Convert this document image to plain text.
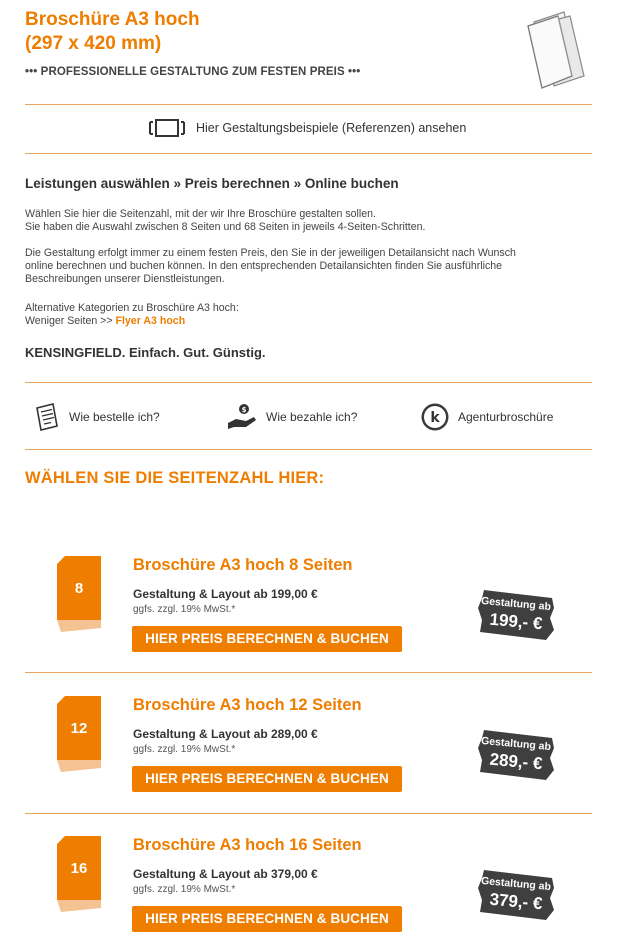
Broschüre A3 hoch
(297 x 420 mm)
••• PROFESSIONELLE GESTALTUNG ZUM FESTEN PREIS •••
Hier Gestaltungsbeispiele (Referenzen) ansehen
Leistungen auswählen » Preis berechnen » Online buchen
Wählen Sie hier die Seitenzahl, mit der wir Ihre Broschüre gestalten sollen.
Sie haben die Auswahl zwischen 8 Seiten und 68 Seiten in jeweils 4-Seiten-Schritten.
Die Gestaltung erfolgt immer zu einem festen Preis, den Sie in der jeweiligen Detailansicht nach Wunsch
online berechnen und buchen können. In den entsprechenden Detailansichten finden Sie ausführliche
Beschreibungen unserer Dienstleistungen.
Alternative Kategorien zu Broschüre A3 hoch:
Weniger Seiten >> Flyer A3 hoch
KENSINGFIELD. Einfach. Gut. Günstig.
Wie bestelle ich?	$ Wie bezahle ich?	k Agenturbroschüre
WÄHLEN SIE DIE SEITENZAHL HIER:
8
Broschüre A3 hoch 8 Seiten
Gestaltung & Layout ab 199,00 €
ggfs. zzgl. 19% MwSt.*
HIER PREIS BERECHNEN & BUCHEN
Gestaltung ab
199,- €
12
Broschüre A3 hoch 12 Seiten
Gestaltung & Layout ab 289,00 €
ggfs. zzgl. 19% MwSt.*
HIER PREIS BERECHNEN & BUCHEN
Gestaltung ab
289,- €
16
Broschüre A3 hoch 16 Seiten
Gestaltung & Layout ab 379,00 €
ggfs. zzgl. 19% MwSt.*
HIER PREIS BERECHNEN & BUCHEN
Gestaltung ab
379,- €
